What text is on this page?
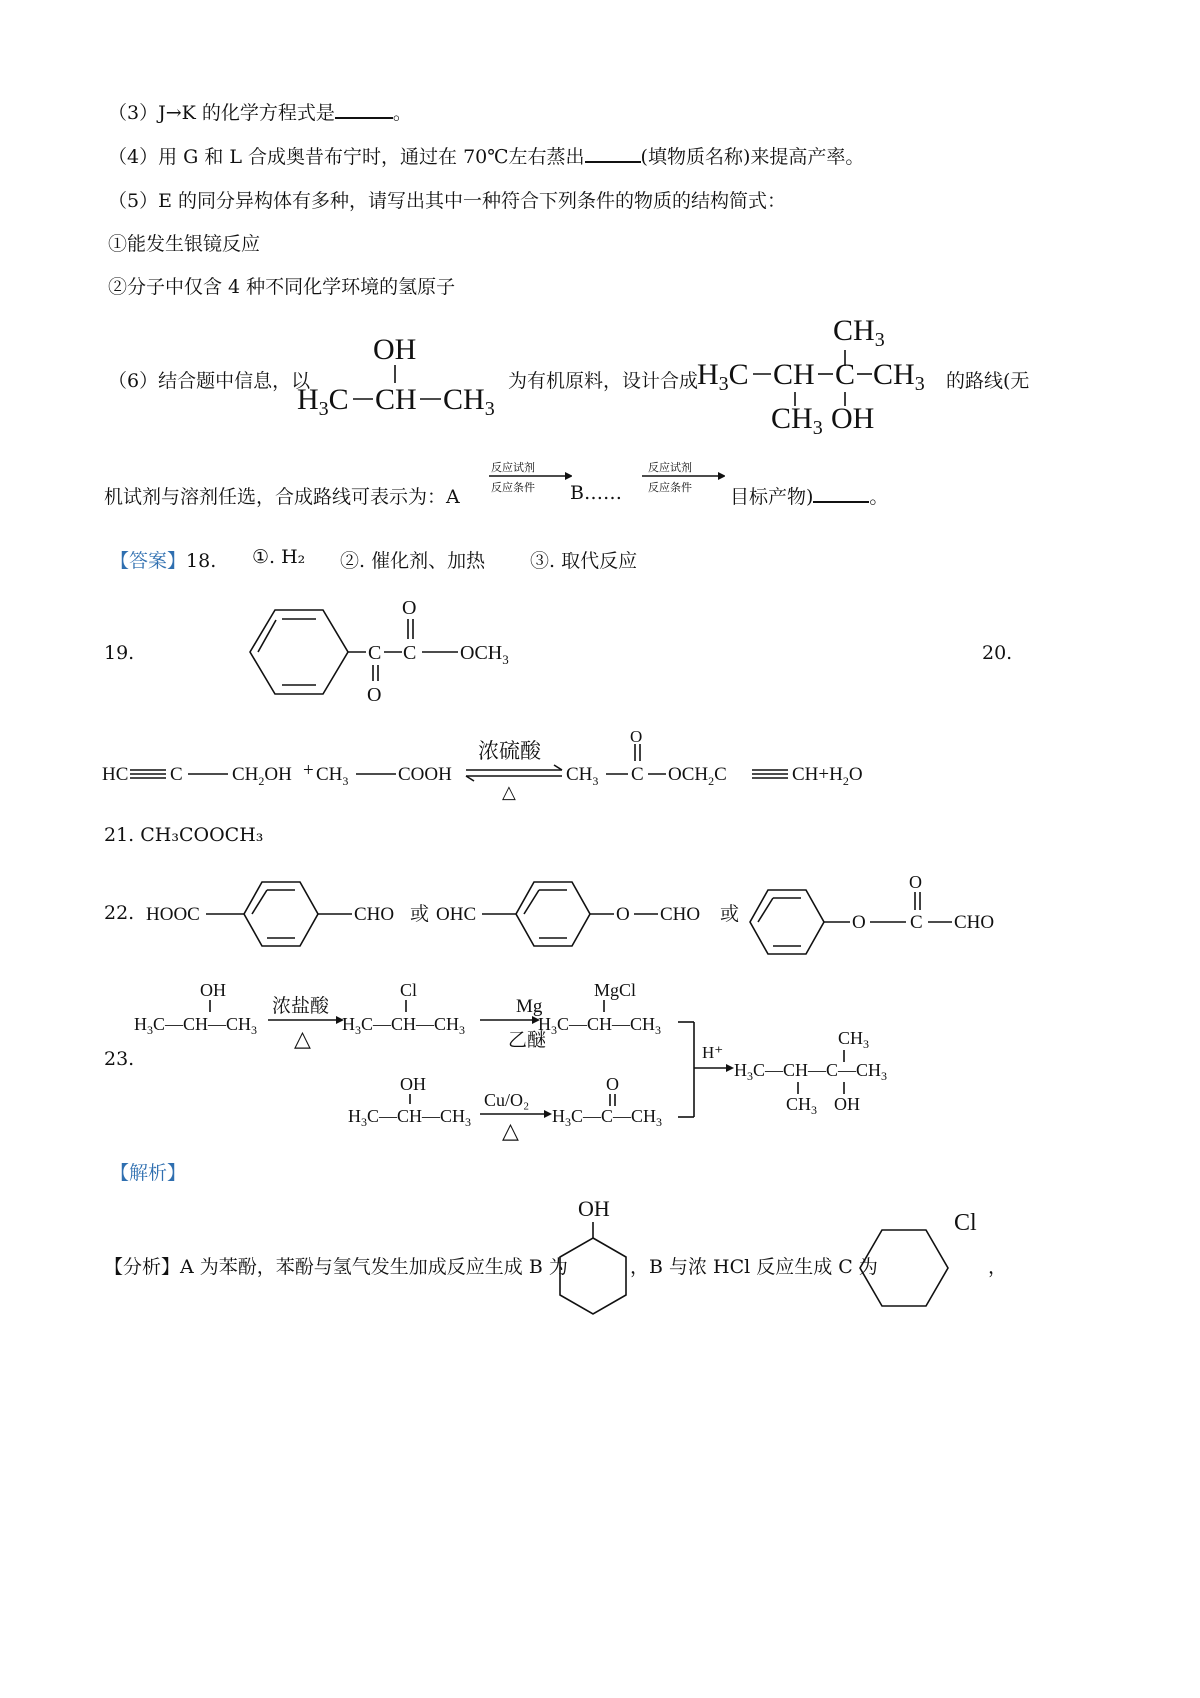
（3）J→K 的化学方程式是	。
（4）用 G 和 L 合成奥昔布宁时，通过在 70℃左右蒸出	(填物质名称)来提高产率。
（5）E 的同分异构体有多种，请写出其中一种符合下列条件的物质的结构简式：
①能发生银镜反应
②分子中仅含 4 种不同化学环境的氢原子
（6）结合题中信息，以
OH
$H_3C$ CH $CH_3$
为有机原料，设计合成
$CH_3$
$H_3C$ CH C $CH_3$
$CH_3$ OH
的路线(无
机试剂与溶剂任选，合成路线可表示为：A
反应试剂
反应条件 B……
反应试剂
反应条件 目标产物)	。
【答案】18. ①. H₂ ②. 催化剂、加热 ③. 取代反应
19.	C C $OCH_3$
O
O
20.
HC C	$CH_2OH + CH_3$	COOH
浓硫酸
△
$CH_3$ C
O
$OCH_2C$	$CH+H_2O$
21. CH₃COOCH₃
22. HOOC	CHO 或 OHC	O CHO 或	O C
O
CHO
23.
OH
$H_3C—CH—CH_3$
浓盐酸
△
Cl
$H_3C—CH—CH_3$
Mg
乙醚
MgCl
$H_3C—CH—CH_3$
OH
$H_3C—CH—CH_3$
Cu/O₂
△
O
$H_3C—C—CH_3$
H⁺
$CH_3$
$H_3C—CH—C—CH_3$
$CH_3$ OH
【解析】
【分析】A 为苯酚，苯酚与氢气发生加成反应生成 B 为
OH
，B 与浓 HCl 反应生成 C 为
Cl
，
